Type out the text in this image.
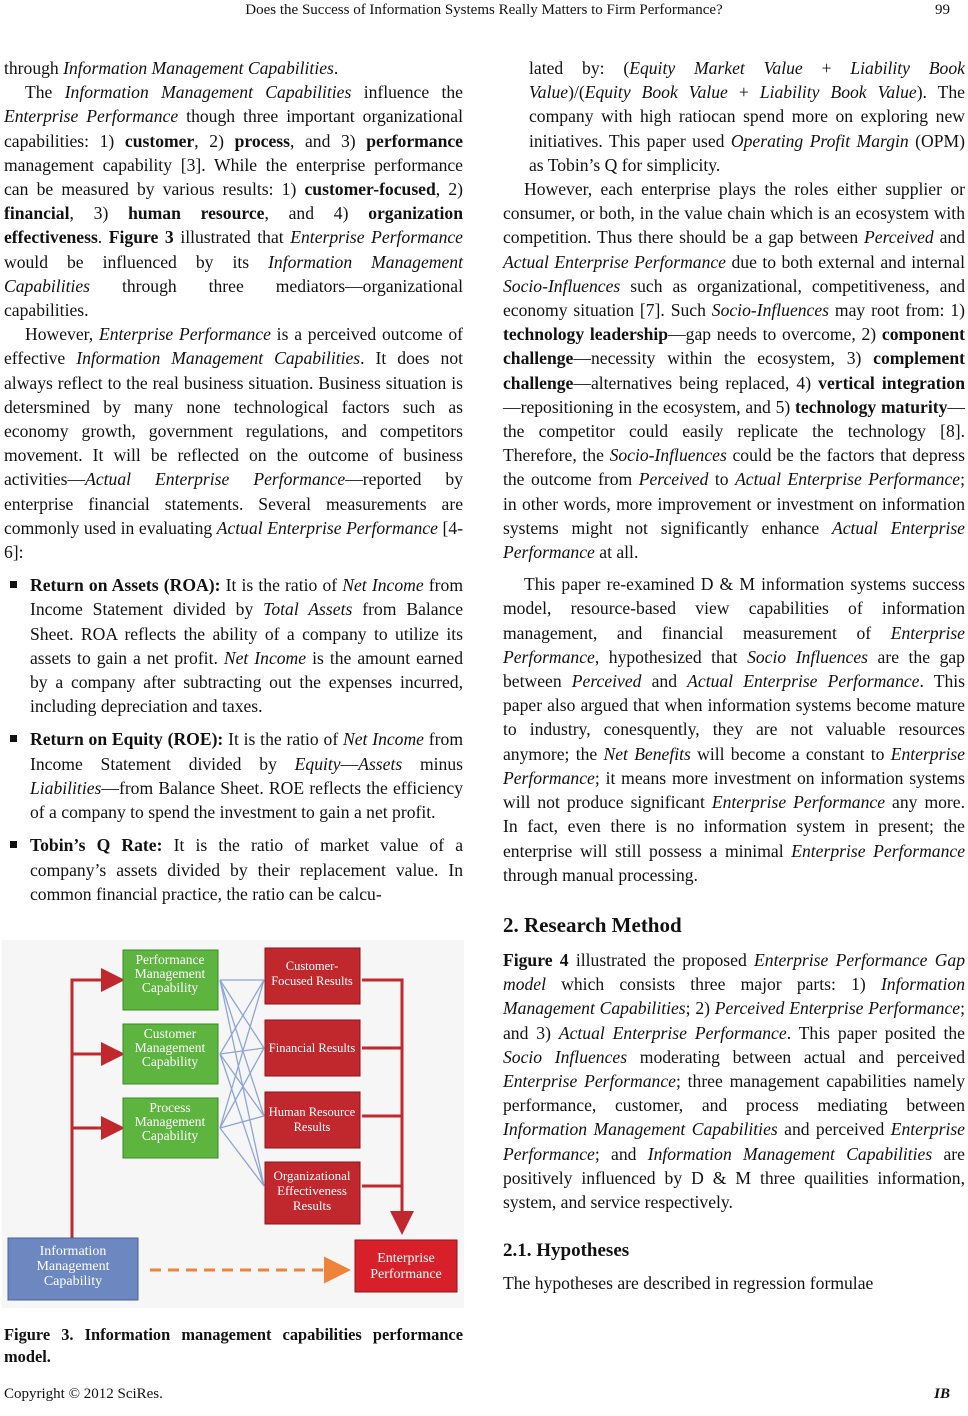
Does the Success of Information Systems Really Matters to Firm Performance?	99

through Information Management Capabilities.

The Information Management Capabilities influence the Enterprise Performance though three important organizational capabilities: 1) customer, 2) process, and 3) performance management capability [3]. While the enterprise performance can be measured by various results: 1) customer-focused, 2) financial, 3) human resource, and 4) organization effectiveness. Figure 3 illustrated that Enterprise Performance would be influenced by its Information Management Capabilities through three mediators—organizational capabilities.

However, Enterprise Performance is a perceived outcome of effective Information Management Capabilities. It does not always reflect to the real business situation. Business situation is detersmined by many none technological factors such as economy growth, government regulations, and competitors movement. It will be reflected on the outcome of business activities—Actual Enterprise Performance—reported by enterprise financial statements. Several measurements are commonly used in evaluating Actual Enterprise Performance [4-6]:

Return on Assets (ROA): It is the ratio of Net Income from Income Statement divided by Total Assets from Balance Sheet. ROA reflects the ability of a company to utilize its assets to gain a net profit. Net Income is the amount earned by a company after subtracting out the expenses incurred, including depreciation and taxes.

Return on Equity (ROE): It is the ratio of Net Income from Income Statement divided by Equity—Assets minus Liabilities—from Balance Sheet. ROE reflects the efficiency of a company to spend the investment to gain a net profit.

Tobin’s Q Rate: It is the ratio of market value of a company’s assets divided by their replacement value. In common financial practice, the ratio can be calcu-

Performance
Management
Capability
Customer
Management
Capability
Process
Management
Capability
Customer-
Focused Results
Financial Results
Human Resource
Results
Organizational
Effectiveness
Results
Information
Management
Capability
Enterprise
Performance
Figure 3. Information management capabilities performance model.

lated by: (Equity Market Value + Liability Book Value)/(Equity Book Value + Liability Book Value). The company with high ratiocan spend more on exploring new initiatives. This paper used Operating Profit Margin (OPM) as Tobin’s Q for simplicity.

However, each enterprise plays the roles either supplier or consumer, or both, in the value chain which is an ecosystem with competition. Thus there should be a gap between Perceived and Actual Enterprise Performance due to both external and internal Socio-Influences such as organizational, competitiveness, and economy situation [7]. Such Socio-Influences may root from: 1) technology leadership—gap needs to overcome, 2) component challenge—necessity within the ecosystem, 3) complement challenge—alternatives being replaced, 4) vertical integration—repositioning in the ecosystem, and 5) technology maturity—the competitor could easily replicate the technology [8]. Therefore, the Socio-Influences could be the factors that depress the outcome from Perceived to Actual Enterprise Performance; in other words, more improvement or investment on information systems might not significantly enhance Actual Enterprise Performance at all.

This paper re-examined D & M information systems success model, resource-based view capabilities of information management, and financial measurement of Enterprise Performance, hypothesized that Socio Influences are the gap between Perceived and Actual Enterprise Performance. This paper also argued that when information systems become mature to industry, conesquently, they are not valuable resources anymore; the Net Benefits will become a constant to Enterprise Performance; it means more investment on information systems will not produce significant Enterprise Performance any more. In fact, even there is no information system in present; the enterprise will still possess a minimal Enterprise Performance through manual processing.

2. Research Method

Figure 4 illustrated the proposed Enterprise Performance Gap model which consists three major parts: 1) Information Management Capabilities; 2) Perceived Enterprise Performance; and 3) Actual Enterprise Performance. This paper posited the Socio Influences moderating between actual and perceived Enterprise Performance; three management capabilities namely performance, customer, and process mediating between Information Management Capabilities and perceived Enterprise Performance; and Information Management Capabilities are positively influenced by D & M three quailities information, system, and service respectively.

2.1. Hypotheses

The hypotheses are described in regression formulae

Copyright © 2012 SciRes.	IB
